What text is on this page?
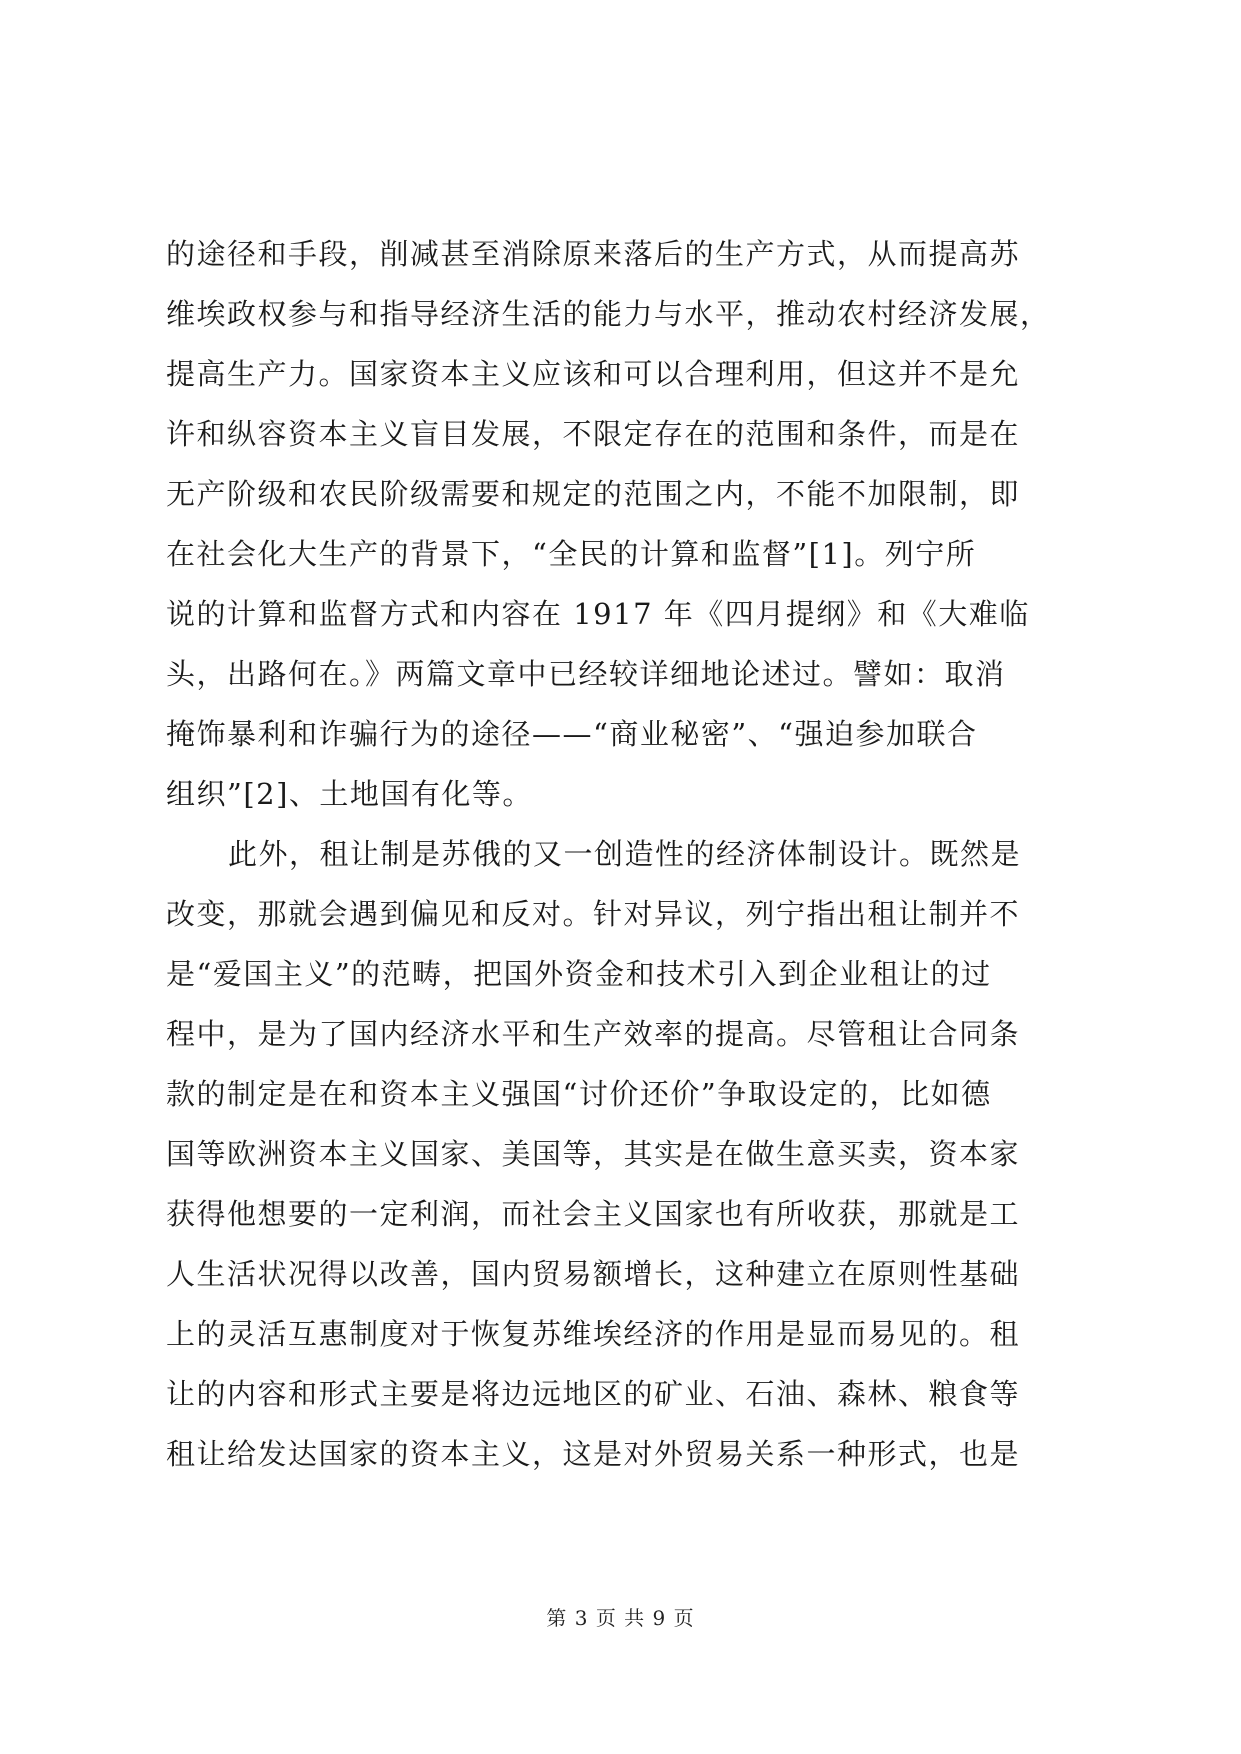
的途径和手段，削减甚至消除原来落后的生产方式，从而提高苏
维埃政权参与和指导经济生活的能力与水平，推动农村经济发展，
提高生产力。国家资本主义应该和可以合理利用，但这并不是允
许和纵容资本主义盲目发展，不限定存在的范围和条件，而是在
无产阶级和农民阶级需要和规定的范围之内，不能不加限制，即
在社会化大生产的背景下，“全民的计算和监督”[1]。列宁所
说的计算和监督方式和内容在 1917 年《四月提纲》和《大难临
头，出路何在。》两篇文章中已经较详细地论述过。譬如：取消
掩饰暴利和诈骗行为的途径——“商业秘密”、“强迫参加联合
组织”[2]、土地国有化等。
此外，租让制是苏俄的又一创造性的经济体制设计。既然是
改变，那就会遇到偏见和反对。针对异议，列宁指出租让制并不
是“爱国主义”的范畴，把国外资金和技术引入到企业租让的过
程中，是为了国内经济水平和生产效率的提高。尽管租让合同条
款的制定是在和资本主义强国“讨价还价”争取设定的，比如德
国等欧洲资本主义国家、美国等，其实是在做生意买卖，资本家
获得他想要的一定利润，而社会主义国家也有所收获，那就是工
人生活状况得以改善，国内贸易额增长，这种建立在原则性基础
上的灵活互惠制度对于恢复苏维埃经济的作用是显而易见的。租
让的内容和形式主要是将边远地区的矿业、石油、森林、粮食等
租让给发达国家的资本主义，这是对外贸易关系一种形式，也是
第 3 页 共 9 页
